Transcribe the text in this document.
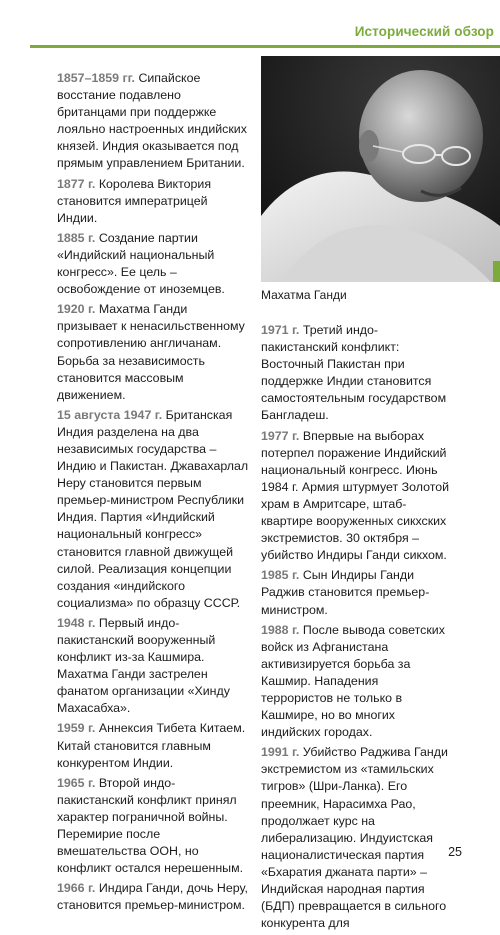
Исторический обзор

1857–1859 гг. Сипайское восстание подавлено британцами при поддержке лояльно настроенных индийских князей. Индия оказывается под прямым управлением Британии.

1877 г. Королева Виктория становится императрицей Индии.

1885 г. Создание партии «Индийский национальный конгресс». Ее цель – освобождение от иноземцев.

1920 г. Махатма Ганди призывает к ненасильственному сопротивлению англичанам. Борьба за независимость становится массовым движением.

15 августа 1947 г. Британская Индия разделена на два независимых государства – Индию и Пакистан. Джавахарлал Неру становится первым премьер-министром Республики Индия. Партия «Индийский национальный конгресс» становится главной движущей силой. Реализация концепции создания «индийского социализма» по образцу СССР.

1948 г. Первый индо-пакистанский вооруженный конфликт из-за Кашмира. Махатма Ганди застрелен фанатом организации «Хинду Махасабха».

1959 г. Аннексия Тибета Китаем. Китай становится главным конкурентом Индии.

1965 г. Второй индо-пакистанский конфликт принял характер пограничной войны. Перемирие после вмешательства ООН, но конфликт остался нерешенным.

1966 г. Индира Ганди, дочь Неру, становится премьер-министром.

Махатма Ганди

1971 г. Третий индо-пакистанский конфликт: Восточный Пакистан при поддержке Индии становится самостоятельным государством Бангладеш.

1977 г. Впервые на выборах потерпел поражение Индийский национальный конгресс. Июнь 1984 г. Армия штурмует Золотой храм в Амритсаре, штаб-квартире вооруженных сикхских экстремистов. 30 октября – убийство Индиры Ганди сикхом.

1985 г. Сын Индиры Ганди Раджив становится премьер-министром.

1988 г. После вывода советских войск из Афганистана активизируется борьба за Кашмир. Нападения террористов не только в Кашмире, но во многих индийских городах.

1991 г. Убийство Раджива Ганди экстремистом из «тамильских тигров» (Шри-Ланка). Его преемник, Нарасимха Рао, продолжает курс на либерализацию. Индуистская националистическая партия «Бхаратия джаната парти» – Индийская народная партия (БДП) превращается в сильного конкурента для

25
